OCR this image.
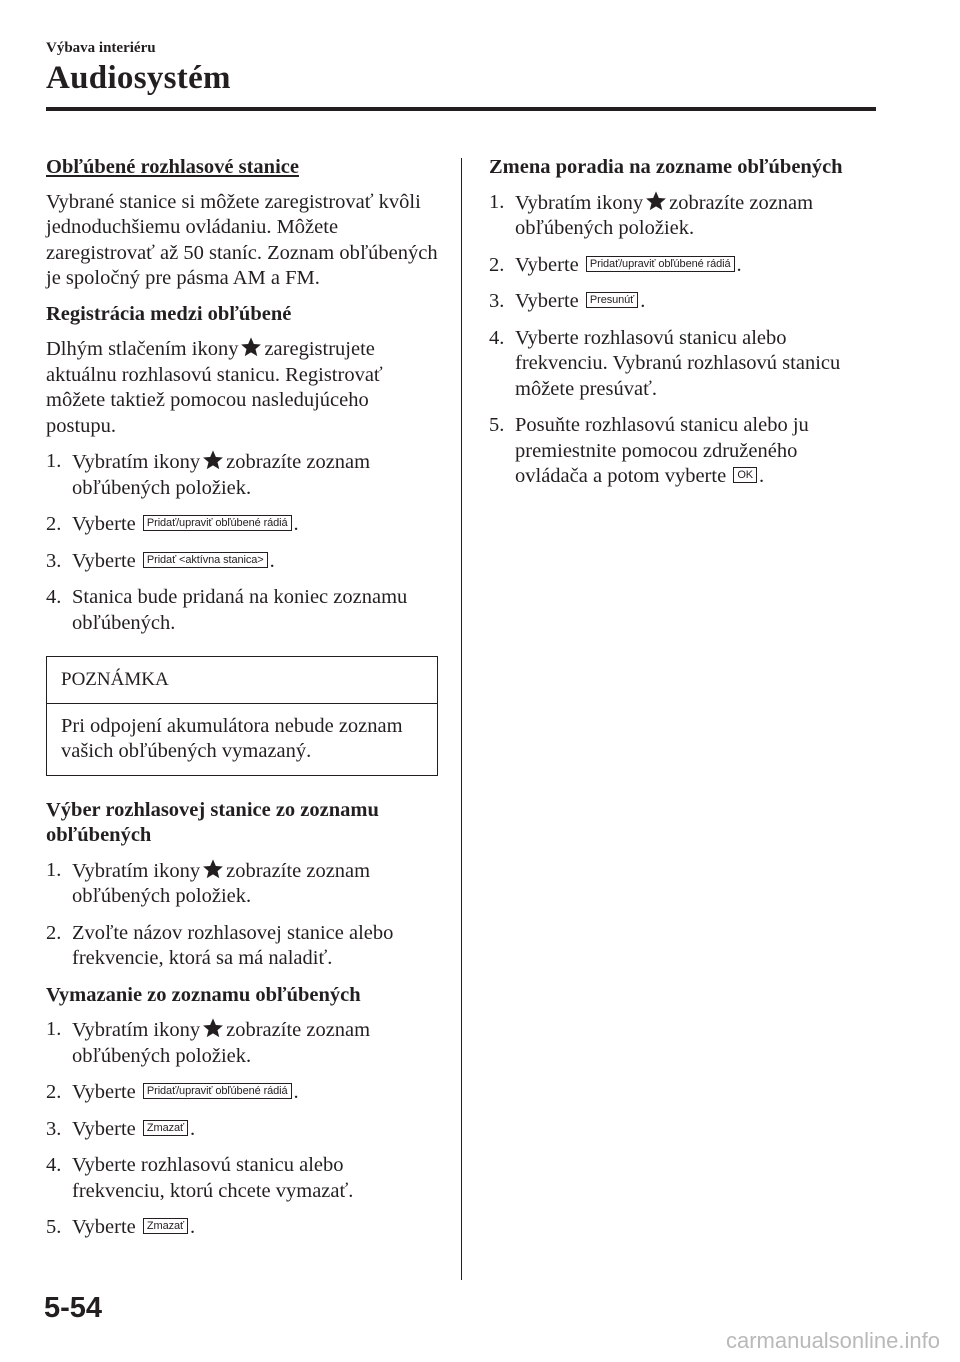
Výbava interiéru
Audiosystém

Obľúbené rozhlasové stanice

Vybrané stanice si môžete zaregistrovať kvôli jednoduchšiemu ovládaniu. Môžete zaregistrovať až 50 staníc. Zoznam obľúbených je spoločný pre pásma AM a FM.

Registrácia medzi obľúbené

Dlhým stlačením ikony zaregistrujete aktuálnu rozhlasovú stanicu. Registrovať môžete taktiež pomocou nasledujúceho postupu.

1. Vybratím ikony zobrazíte zoznam obľúbených položiek.
2. Vyberte Pridať/upraviť obľúbené rádiá .
3. Vyberte Pridať <aktívna stanica> .
4. Stanica bude pridaná na koniec zoznamu obľúbených.
POZNÁMKA
Pri odpojení akumulátora nebude zoznam vašich obľúbených vymazaný.

Výber rozhlasovej stanice zo zoznamu obľúbených

1. Vybratím ikony zobrazíte zoznam obľúbených položiek.
2. Zvoľte názov rozhlasovej stanice alebo frekvencie, ktorá sa má naladiť.

Vymazanie zo zoznamu obľúbených

1. Vybratím ikony zobrazíte zoznam obľúbených položiek.
2. Vyberte Pridať/upraviť obľúbené rádiá .
3. Vyberte Zmazať .
4. Vyberte rozhlasovú stanicu alebo frekvenciu, ktorú chcete vymazať.
5. Vyberte Zmazať .

Zmena poradia na zozname obľúbených

1. Vybratím ikony zobrazíte zoznam obľúbených položiek.
2. Vyberte Pridať/upraviť obľúbené rádiá .
3. Vyberte Presunúť .
4. Vyberte rozhlasovú stanicu alebo frekvenciu. Vybranú rozhlasovú stanicu môžete presúvať.
5. Posuňte rozhlasovú stanicu alebo ju premiestnite pomocou združeného ovládača a potom vyberte OK .
5-54
carmanualsonline.info
